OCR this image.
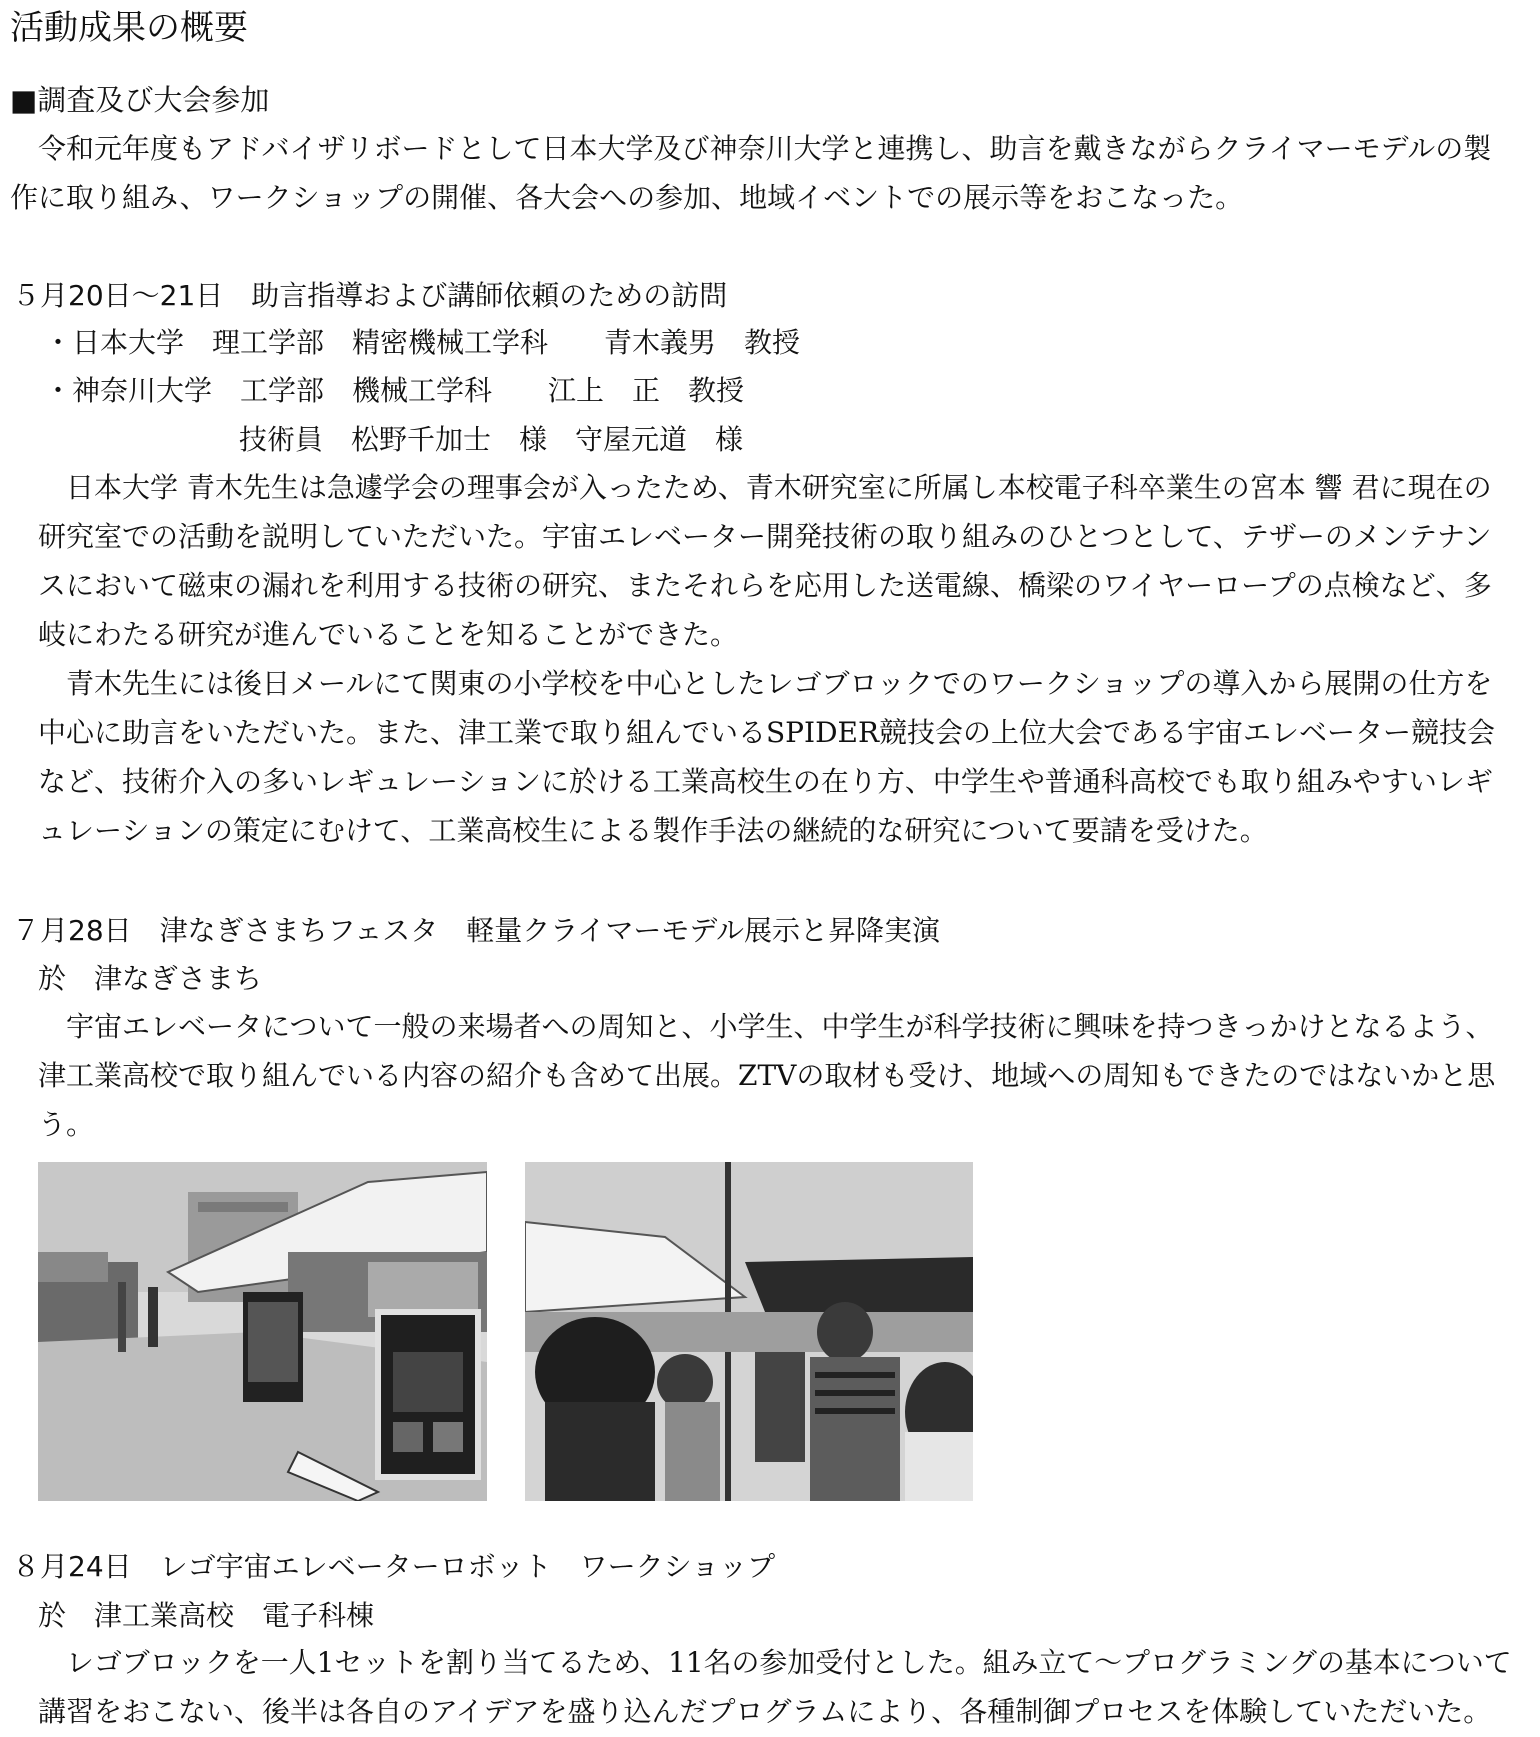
活動成果の概要
■調査及び大会参加
令和元年度もアドバイザリボードとして日本大学及び神奈川大学と連携し、助言を戴きながらクライマーモデルの製
作に取り組み、ワークショップの開催、各大会への参加、地域イベントでの展示等をおこなった。
５月20日～21日　助言指導および講師依頼のための訪問
・日本大学　理工学部　精密機械工学科　　青木義男　教授
・神奈川大学　工学部　機械工学科　　江上　正　教授
技術員　松野千加士　様　守屋元道　様
日本大学 青木先生は急遽学会の理事会が入ったため、青木研究室に所属し本校電子科卒業生の宮本 響 君に現在の
研究室での活動を説明していただいた。宇宙エレベーター開発技術の取り組みのひとつとして、テザーのメンテナン
スにおいて磁束の漏れを利用する技術の研究、またそれらを応用した送電線、橋梁のワイヤーロープの点検など、多
岐にわたる研究が進んでいることを知ることができた。
青木先生には後日メールにて関東の小学校を中心としたレゴブロックでのワークショップの導入から展開の仕方を
中心に助言をいただいた。また、津工業で取り組んでいるSPIDER競技会の上位大会である宇宙エレベーター競技会
など、技術介入の多いレギュレーションに於ける工業高校生の在り方、中学生や普通科高校でも取り組みやすいレギ
ュレーションの策定にむけて、工業高校生による製作手法の継続的な研究について要請を受けた。
７月28日　津なぎさまちフェスタ　軽量クライマーモデル展示と昇降実演
於　津なぎさまち
宇宙エレベータについて一般の来場者への周知と、小学生、中学生が科学技術に興味を持つきっかけとなるよう、
津工業高校で取り組んでいる内容の紹介も含めて出展。ZTVの取材も受け、地域への周知もできたのではないかと思
う。
８月24日　レゴ宇宙エレベーターロボット　ワークショップ
於　津工業高校　電子科棟
レゴブロックを一人1セットを割り当てるため、11名の参加受付とした。組み立て～プログラミングの基本について
講習をおこない、後半は各自のアイデアを盛り込んだプログラムにより、各種制御プロセスを体験していただいた。
